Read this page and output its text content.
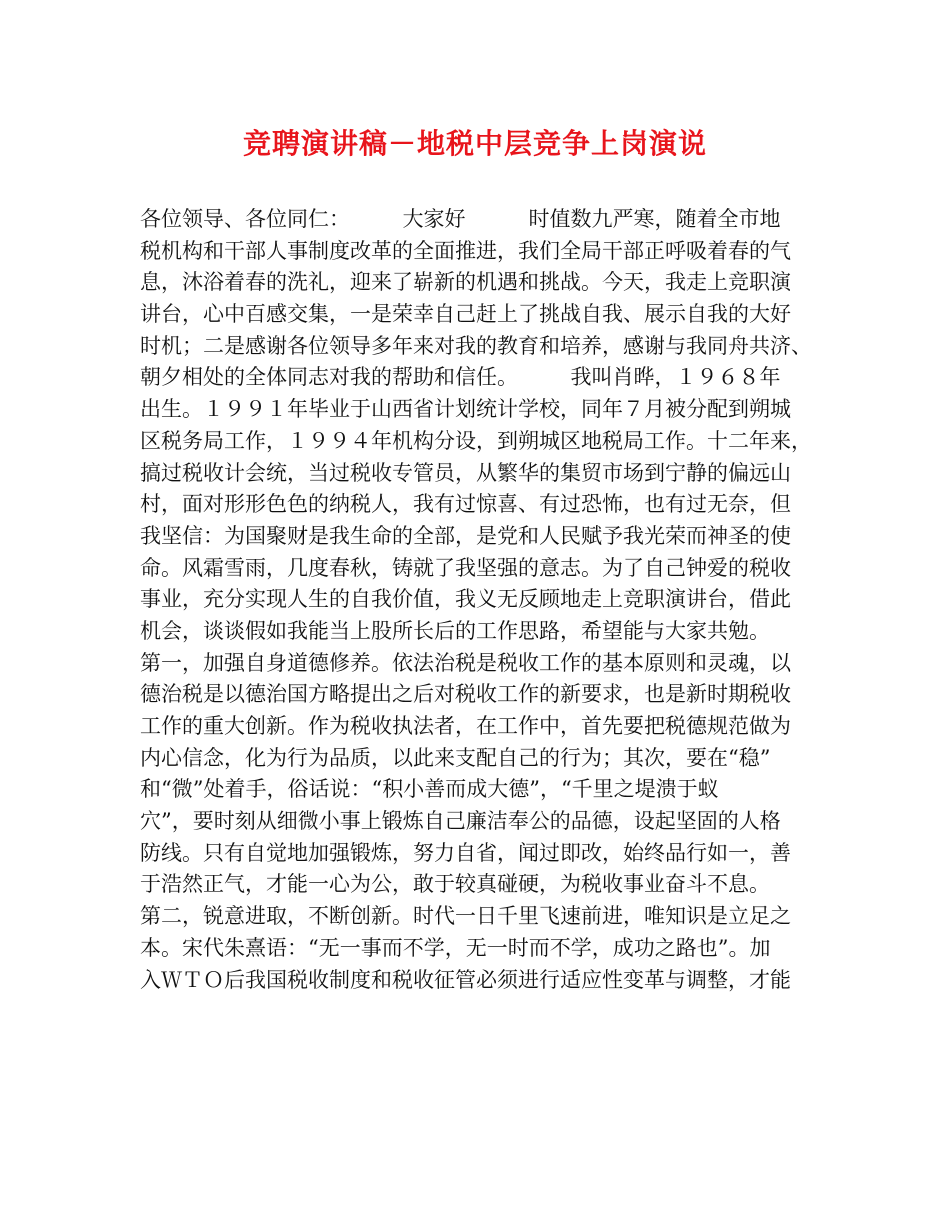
竞聘演讲稿－地税中层竞争上岗演说
各位领导、各位同仁：　　　大家好　　　时值数九严寒，随着全市地
税机构和干部人事制度改革的全面推进，我们全局干部正呼吸着春的气
息，沐浴着春的洗礼，迎来了崭新的机遇和挑战。今天，我走上竞职演
讲台，心中百感交集，一是荣幸自己赶上了挑战自我、展示自我的大好
时机；二是感谢各位领导多年来对我的教育和培养，感谢与我同舟共济、
朝夕相处的全体同志对我的帮助和信任。　　　我叫肖晔，１９６８年
出生。１９９１年毕业于山西省计划统计学校，同年７月被分配到朔城
区税务局工作，１９９４年机构分设，到朔城区地税局工作。十二年来，
搞过税收计会统，当过税收专管员，从繁华的集贸市场到宁静的偏远山
村，面对形形色色的纳税人，我有过惊喜、有过恐怖，也有过无奈，但
我坚信：为国聚财是我生命的全部，是党和人民赋予我光荣而神圣的使
命。风霜雪雨，几度春秋，铸就了我坚强的意志。为了自己钟爱的税收
事业，充分实现人生的自我价值，我义无反顾地走上竞职演讲台，借此
机会，谈谈假如我能当上股所长后的工作思路，希望能与大家共勉。
第一，加强自身道德修养。依法治税是税收工作的基本原则和灵魂，以
德治税是以德治国方略提出之后对税收工作的新要求，也是新时期税收
工作的重大创新。作为税收执法者，在工作中，首先要把税德规范做为
内心信念，化为行为品质，以此来支配自己的行为；其次，要在“稳”
和“微”处着手，俗话说：“积小善而成大德”，“千里之堤溃于蚁
穴”，要时刻从细微小事上锻炼自己廉洁奉公的品德，设起坚固的人格
防线。只有自觉地加强锻炼，努力自省，闻过即改，始终品行如一，善
于浩然正气，才能一心为公，敢于较真碰硬，为税收事业奋斗不息。
第二，锐意进取，不断创新。时代一日千里飞速前进，唯知识是立足之
本。宋代朱熹语：“无一事而不学，无一时而不学，成功之路也”。加
入ＷＴＯ后我国税收制度和税收征管必须进行适应性变革与调整，才能
